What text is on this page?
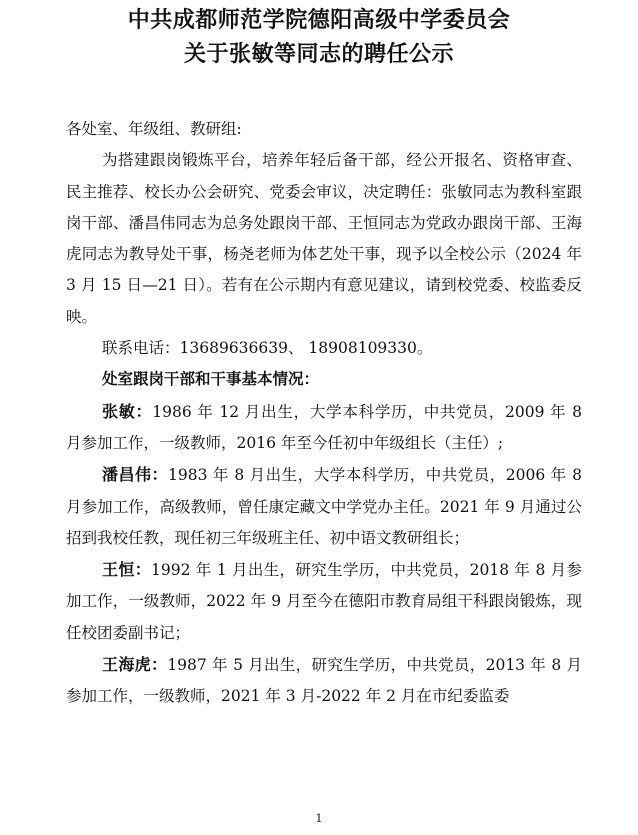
中共成都师范学院德阳高级中学委员会
关于张敏等同志的聘任公示

各处室、年级组、教研组:

为搭建跟岗锻炼平台，培养年轻后备干部，经公开报名、资格审查、民主推荐、校长办公会研究、党委会审议，决定聘任：张敏同志为教科室跟岗干部、潘昌伟同志为总务处跟岗干部、王恒同志为党政办跟岗干部、王海虎同志为教导处干事，杨尧老师为体艺处干事，现予以全校公示（2024 年 3 月 15 日—21 日）。若有在公示期内有意见建议，请到校党委、校监委反映。

联系电话：13689636639、 18908109330。

处室跟岗干部和干事基本情况：

张敏：1986 年 12 月出生，大学本科学历，中共党员，2009 年 8 月参加工作，一级教师，2016 年至今任初中年级组长（主任）;

潘昌伟：1983 年 8 月出生，大学本科学历，中共党员，2006 年 8 月参加工作，高级教师，曾任康定藏文中学党办主任。2021 年 9 月通过公招到我校任教，现任初三年级班主任、初中语文教研组长；

王恒：1992 年 1 月出生，研究生学历，中共党员，2018 年 8 月参加工作，一级教师，2022 年 9 月至今在德阳市教育局组干科跟岗锻炼，现任校团委副书记；

王海虎：1987 年 5 月出生，研究生学历，中共党员，2013 年 8 月参加工作，一级教师，2021 年 3 月-2022 年 2 月在市纪委监委

1
